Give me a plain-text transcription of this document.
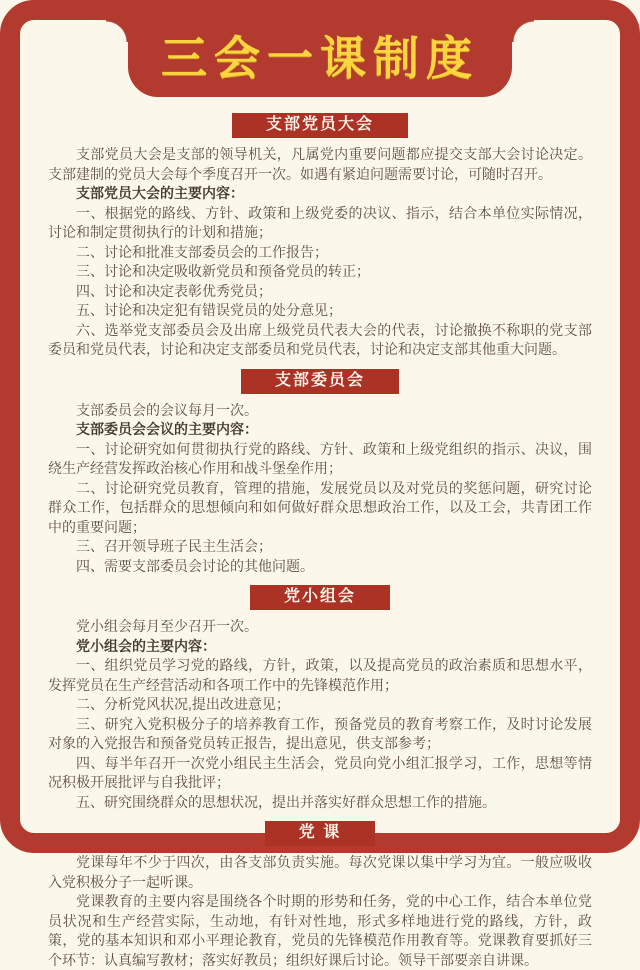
三会一课制度
支部党员大会

支部党员大会是支部的领导机关，凡属党内重要问题都应提交支部大会讨论决定。支部建制的党员大会每个季度召开一次。如遇有紧迫问题需要讨论，可随时召开。

支部党员大会的主要内容：

一、根据党的路线、方针、政策和上级党委的决议、指示，结合本单位实际情况，讨论和制定贯彻执行的计划和措施；

二、讨论和批准支部委员会的工作报告；

三、讨论和决定吸收新党员和预备党员的转正；

四、讨论和决定表彰优秀党员；

五、讨论和决定犯有错误党员的处分意见；

六、选举党支部委员会及出席上级党员代表大会的代表，讨论撤换不称职的党支部委员和党员代表，讨论和决定支部委员和党员代表，讨论和决定支部其他重大问题。

支部委员会

支部委员会的会议每月一次。

支部委员会会议的主要内容：

一、讨论研究如何贯彻执行党的路线、方针、政策和上级党组织的指示、决议，围绕生产经营发挥政治核心作用和战斗堡垒作用；

二、讨论研究党员教育，管理的措施，发展党员以及对党员的奖惩问题，研究讨论群众工作，包括群众的思想倾向和如何做好群众思想政治工作，以及工会，共青团工作中的重要问题；

三、召开领导班子民主生活会；

四、需要支部委员会讨论的其他问题。

党小组会

党小组会每月至少召开一次。

党小组会的主要内容：

一、组织党员学习党的路线，方针，政策，以及提高党员的政治素质和思想水平，发挥党员在生产经营活动和各项工作中的先锋模范作用；

二、分析党风状况,提出改进意见；

三、研究入党积极分子的培养教育工作，预备党员的教育考察工作，及时讨论发展对象的入党报告和预备党员转正报告，提出意见，供支部参考；

四、每半年召开一次党小组民主生活会，党员向党小组汇报学习，工作，思想等情况积极开展批评与自我批评；

五、研究围绕群众的思想状况，提出并落实好群众思想工作的措施。

党 课

党课每年不少于四次，由各支部负责实施。每次党课以集中学习为宜。一般应吸收入党积极分子一起听课。

党课教育的主要内容是围绕各个时期的形势和任务，党的中心工作，结合本单位党员状况和生产经营实际，生动地，有针对性地，形式多样地进行党的路线，方针，政策，党的基本知识和邓小平理论教育，党员的先锋模范作用教育等。党课教育要抓好三个环节：认真编写教材；落实好教员；组织好课后讨论。领导干部要亲自讲课。
